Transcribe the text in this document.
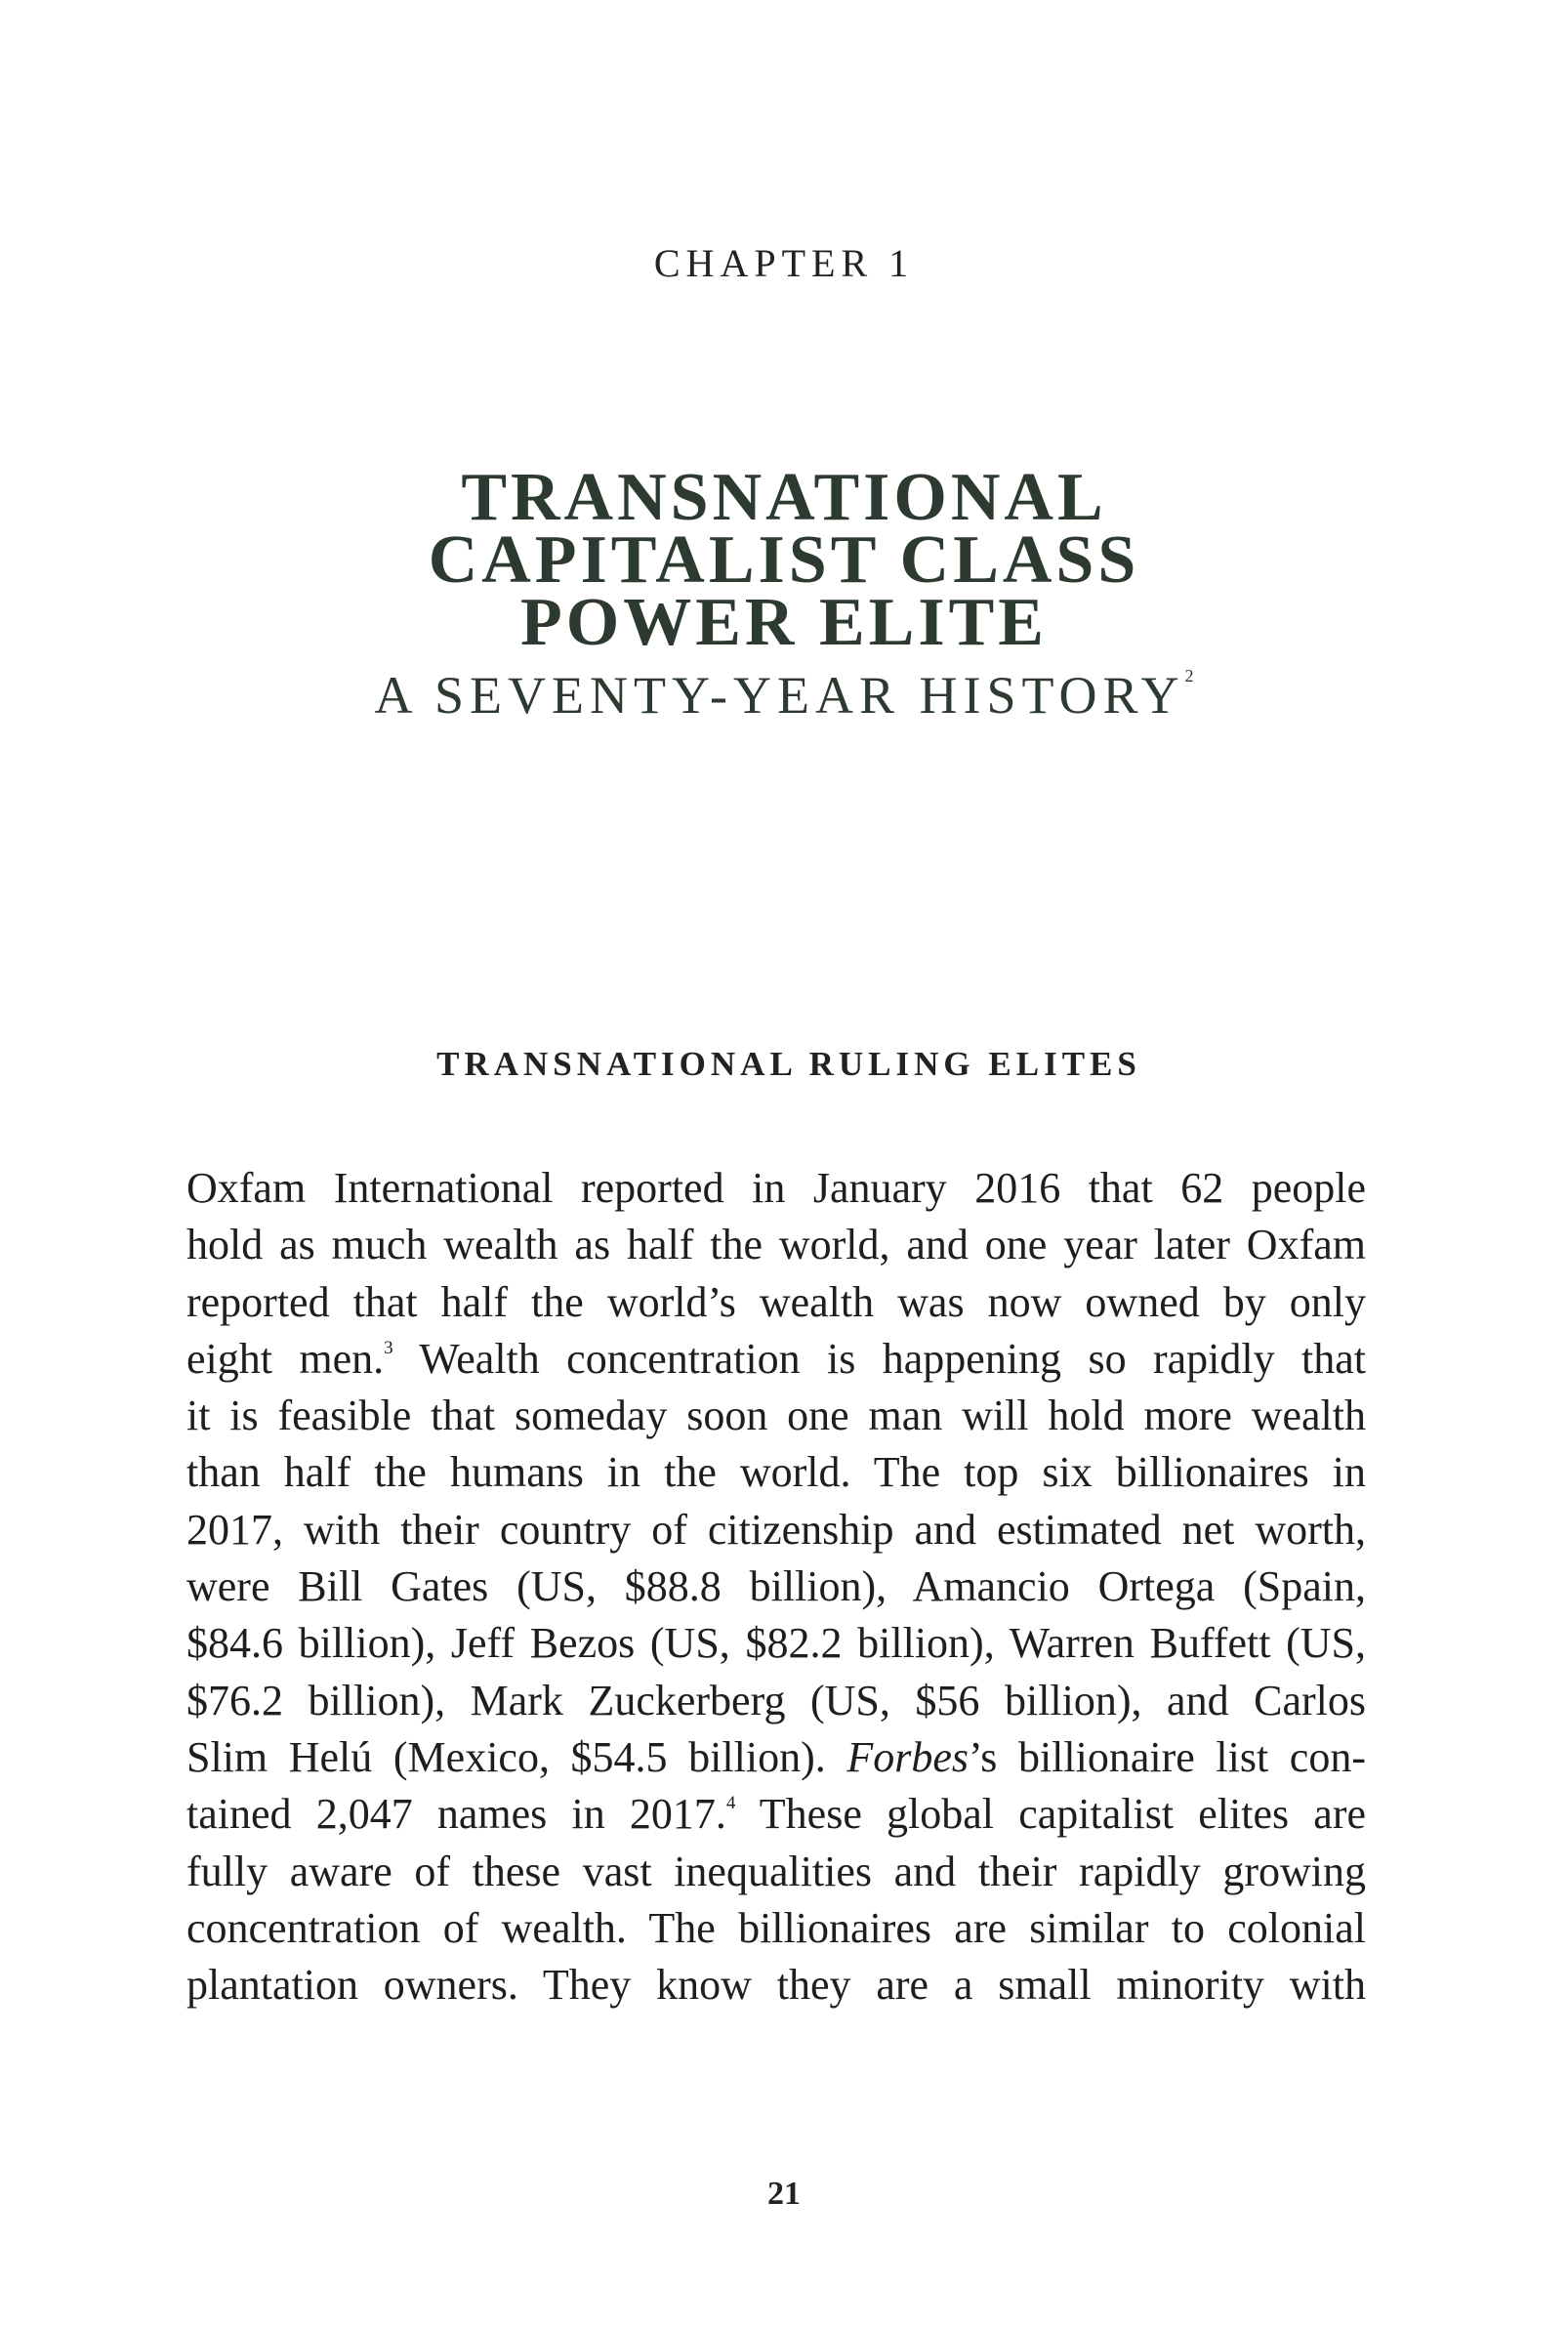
CHAPTER 1
TRANSNATIONAL
CAPITALIST CLASS
POWER ELITE
A SEVENTY-YEAR HISTORY$^2$
TRANSNATIONAL RULING ELITES
Oxfam International reported in January 2016 that 62 people
hold as much wealth as half the world, and one year later Oxfam
reported that half the world’s wealth was now owned by only
eight men.$^3$ Wealth concentration is happening so rapidly that
it is feasible that someday soon one man will hold more wealth
than half the humans in the world. The top six billionaires in
2017, with their country of citizenship and estimated net worth,
were Bill Gates (US, $88.8 billion), Amancio Ortega (Spain,
$84.6 billion), Jeff Bezos (US, $82.2 billion), Warren Buffett (US,
$76.2 billion), Mark Zuckerberg (US, $56 billion), and Carlos
Slim Helú (Mexico, $54.5 billion). Forbes’s billionaire list con-
tained 2,047 names in 2017.$^4$ These global capitalist elites are
fully aware of these vast inequalities and their rapidly growing
concentration of wealth. The billionaires are similar to colonial
plantation owners. They know they are a small minority with
21
